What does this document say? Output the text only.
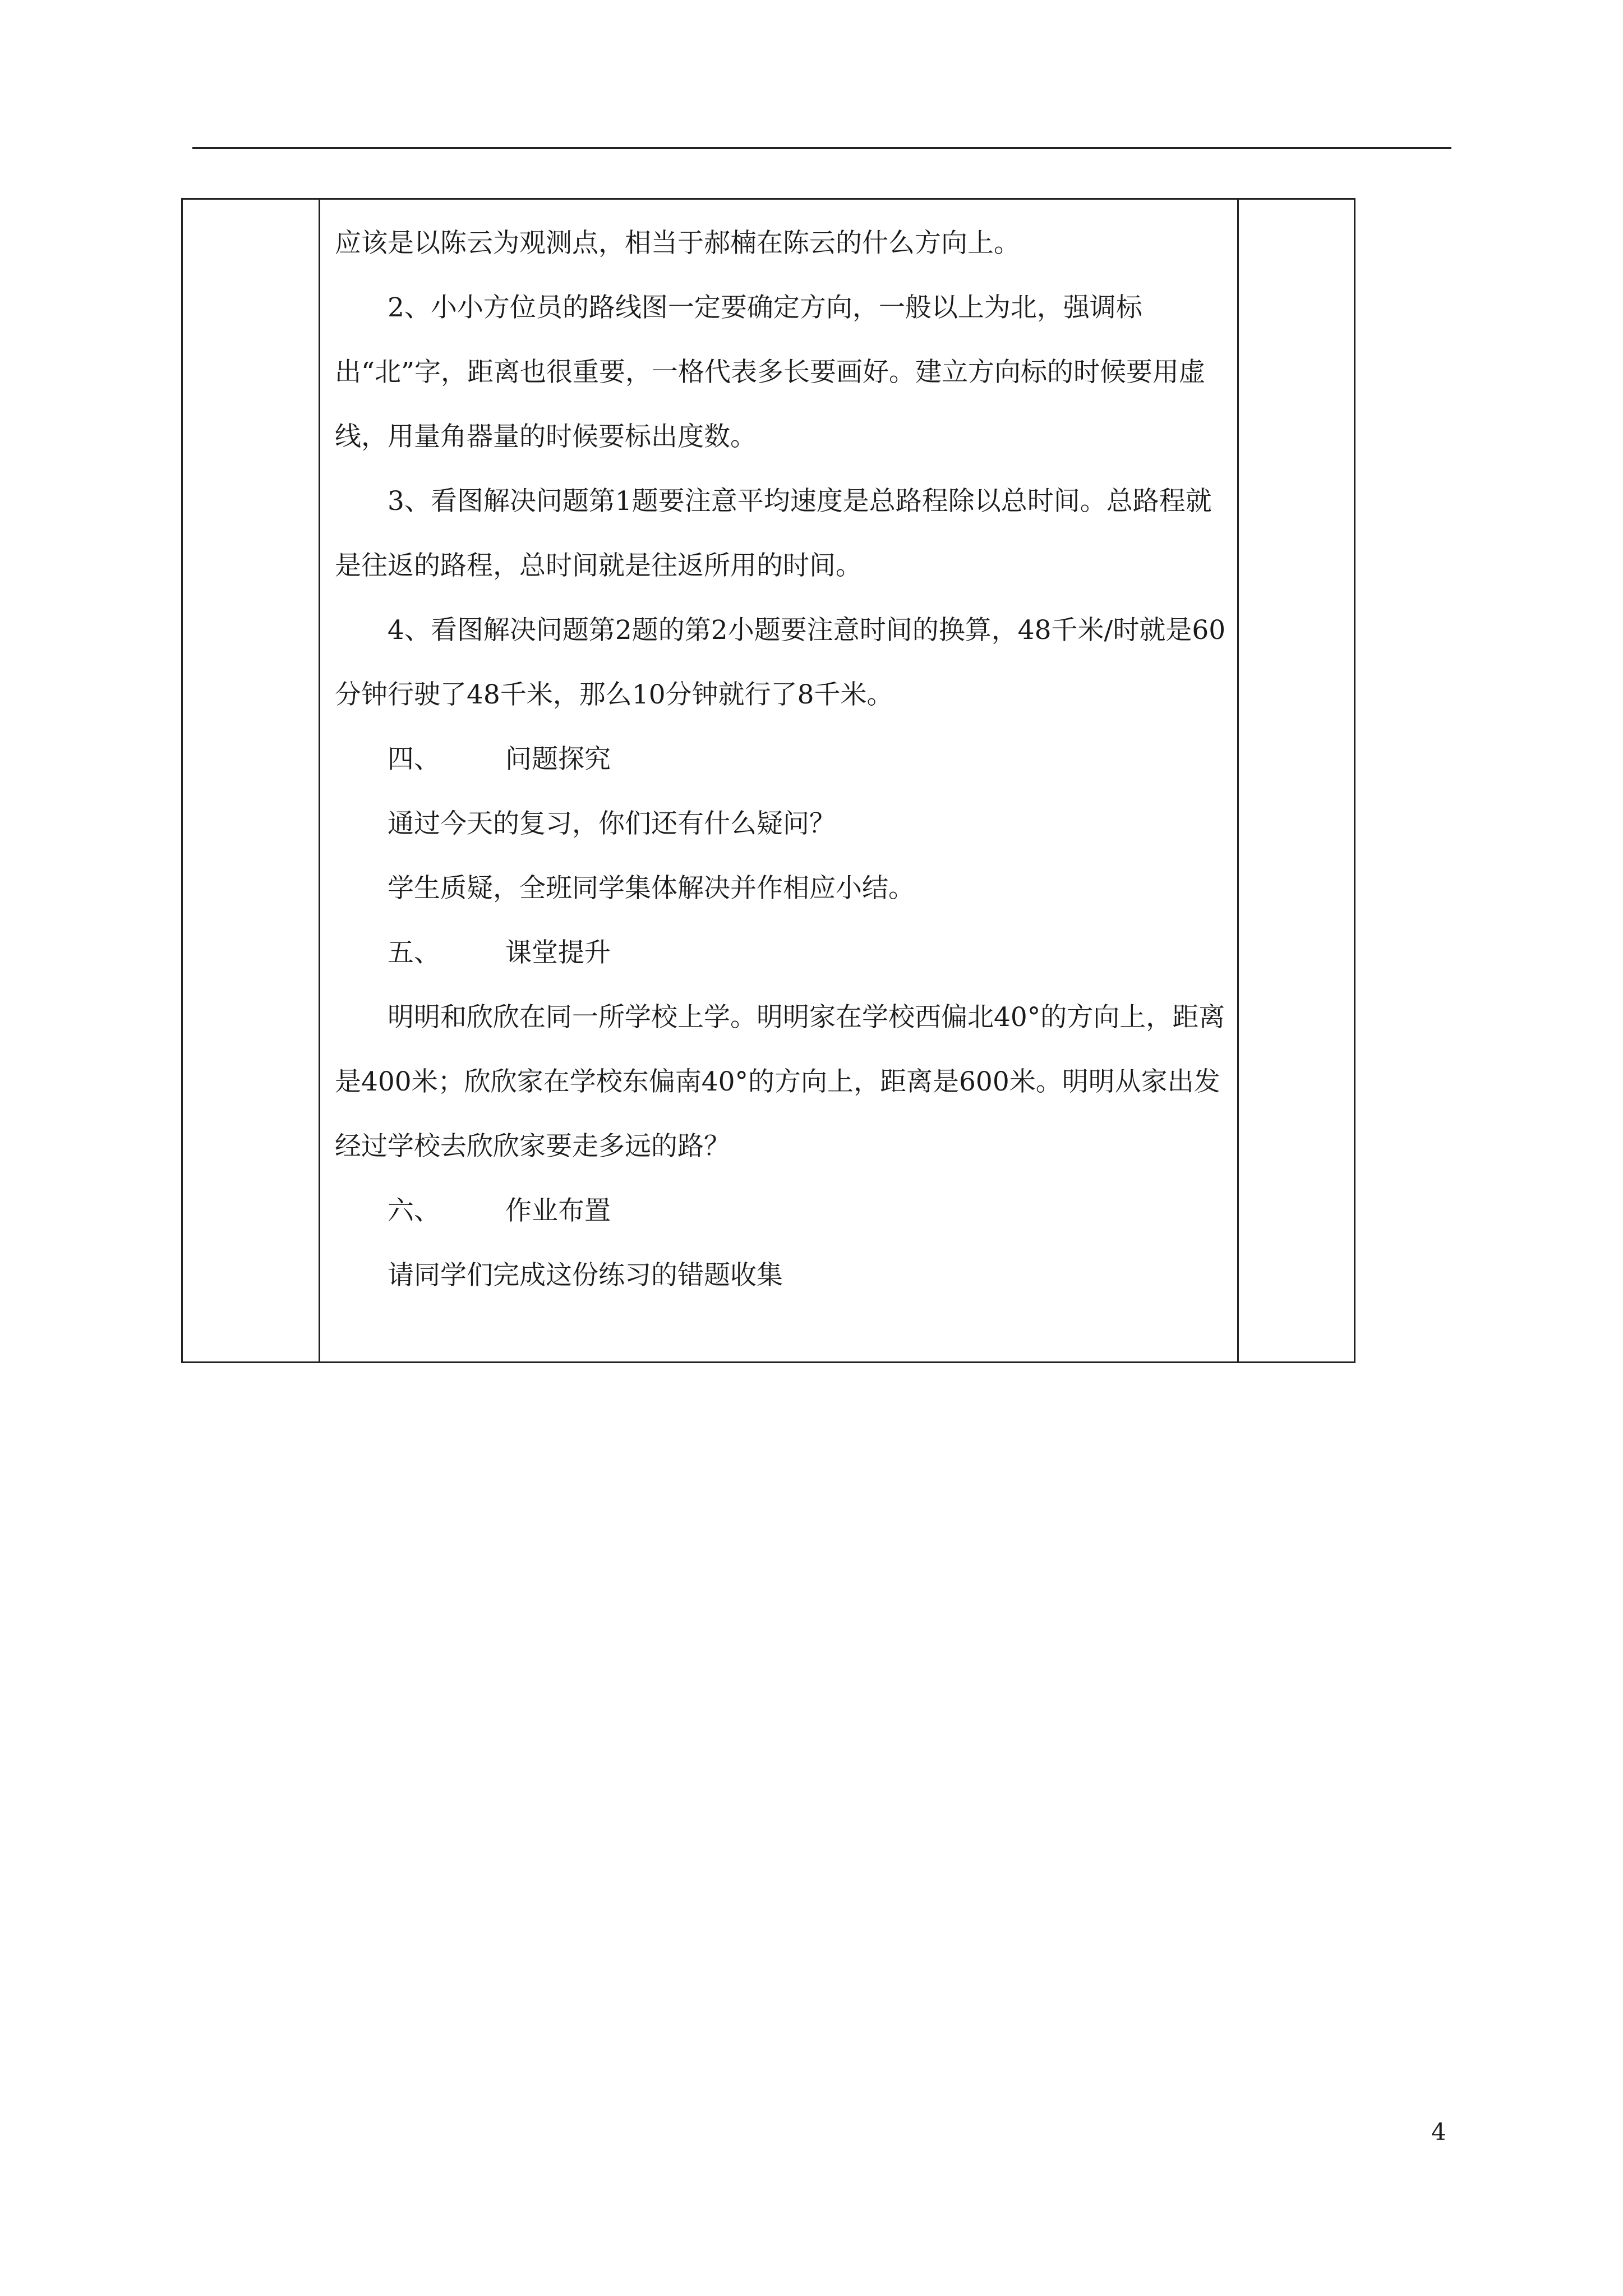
应该是以陈云为观测点，相当于郝楠在陈云的什么方向上。

2、小小方位员的路线图一定要确定方向，一般以上为北，强调标出“北”字，距离也很重要，一格代表多长要画好。建立方向标的时候要用虚线，用量角器量的时候要标出度数。

3、看图解决问题第1题要注意平均速度是总路程除以总时间。总路程就是往返的路程，总时间就是往返所用的时间。

4、看图解决问题第2题的第2小题要注意时间的换算，48千米/时就是60分钟行驶了48千米，那么10分钟就行了8千米。

四、 问题探究

通过今天的复习，你们还有什么疑问？

学生质疑，全班同学集体解决并作相应小结。

五、 课堂提升

明明和欣欣在同一所学校上学。明明家在学校西偏北40°的方向上，距离是400米；欣欣家在学校东偏南40°的方向上，距离是600米。明明从家出发经过学校去欣欣家要走多远的路？

六、 作业布置

请同学们完成这份练习的错题收集

4
